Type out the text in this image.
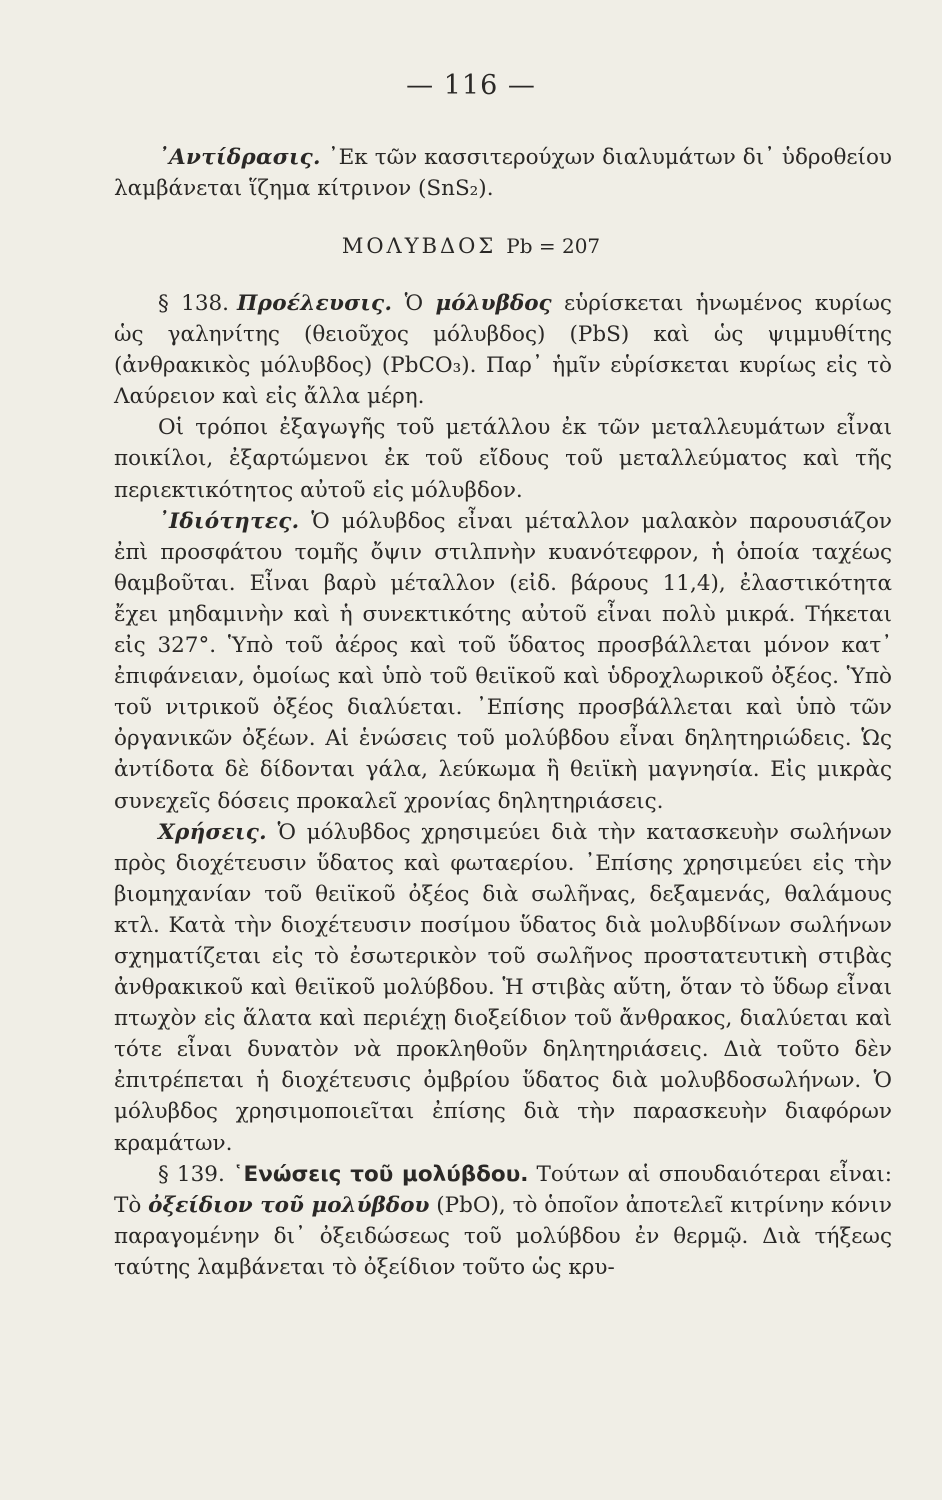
— 116 —

᾿Αντίδρασις. ᾿Εκ τῶν κασσιτερούχων διαλυμάτων δι᾿ ὑδροθείου λαμβάνεται ἵζημα κίτρινον (SnS₂).

ΜΟΛΥΒΔΟΣ Pb = 207

§ 138. Προέλευσις. Ὁ μόλυβδος εὑρίσκεται ἡνωμένος κυρίως ὡς γαληνίτης (θειοῦχος μόλυβδος) (PbS) καὶ ὡς ψιμμυθίτης (ἀνθρακικὸς μόλυβδος) (PbCO₃). Παρ᾿ ἡμῖν εὑρίσκεται κυρίως εἰς τὸ Λαύρειον καὶ εἰς ἄλλα μέρη.

Οἱ τρόποι ἐξαγωγῆς τοῦ μετάλλου ἐκ τῶν μεταλλευμάτων εἶναι ποικίλοι, ἐξαρτώμενοι ἐκ τοῦ εἴδους τοῦ μεταλλεύματος καὶ τῆς περιεκτικότητος αὐτοῦ εἰς μόλυβδον.

᾿Ιδιότητες. Ὁ μόλυβδος εἶναι μέταλλον μαλακὸν παρουσιάζον ἐπὶ προσφάτου τομῆς ὄψιν στιλπνὴν κυανότεφρον, ἡ ὁποία ταχέως θαμβοῦται. Εἶναι βαρὺ μέταλλον (εἰδ. βάρους 11,4), ἐλαστικότητα ἔχει μηδαμινὴν καὶ ἡ συνεκτικότης αὐτοῦ εἶναι πολὺ μικρά. Τήκεται εἰς 327°. Ὑπὸ τοῦ ἀέρος καὶ τοῦ ὕδατος προσβάλλεται μόνον κατ᾿ ἐπιφάνειαν, ὁμοίως καὶ ὑπὸ τοῦ θειϊκοῦ καὶ ὑδροχλωρικοῦ ὀξέος. Ὑπὸ τοῦ νιτρικοῦ ὀξέος διαλύεται. ᾿Επίσης προσβάλλεται καὶ ὑπὸ τῶν ὀργανικῶν ὀξέων. Αἱ ἑνώσεις τοῦ μολύβδου εἶναι δηλητηριώδεις. Ὡς ἀντίδοτα δὲ δίδονται γάλα, λεύκωμα ἢ θειϊκὴ μαγνησία. Εἰς μικρὰς συνεχεῖς δόσεις προκαλεῖ χρονίας δηλητηριάσεις.

Χρήσεις. Ὁ μόλυβδος χρησιμεύει διὰ τὴν κατασκευὴν σωλήνων πρὸς διοχέτευσιν ὕδατος καὶ φωταερίου. ᾿Επίσης χρησιμεύει εἰς τὴν βιομηχανίαν τοῦ θειϊκοῦ ὀξέος διὰ σωλῆνας, δεξαμενάς, θαλάμους κτλ. Κατὰ τὴν διοχέτευσιν ποσίμου ὕδατος διὰ μολυβδίνων σωλήνων σχηματίζεται εἰς τὸ ἐσωτερικὸν τοῦ σωλῆνος προστατευτικὴ στιβὰς ἀνθρακικοῦ καὶ θειϊκοῦ μολύβδου. Ἡ στιβὰς αὕτη, ὅταν τὸ ὕδωρ εἶναι πτωχὸν εἰς ἅλατα καὶ περιέχῃ διοξείδιον τοῦ ἄνθρακος, διαλύεται καὶ τότε εἶναι δυνατὸν νὰ προκληθοῦν δηλητηριάσεις. Διὰ τοῦτο δὲν ἐπιτρέπεται ἡ διοχέτευσις ὀμβρίου ὕδατος διὰ μολυβδοσωλήνων. Ὁ μόλυβδος χρησιμοποιεῖται ἐπίσης διὰ τὴν παρασκευὴν διαφόρων κραμάτων.

§ 139. ῾Ενώσεις τοῦ μολύβδου. Τούτων αἱ σπουδαιότεραι εἶναι: Τὸ ὀξείδιον τοῦ μολύβδου (PbO), τὸ ὁποῖον ἀποτελεῖ κιτρίνην κόνιν παραγομένην δι᾿ ὀξειδώσεως τοῦ μολύβδου ἐν θερμῷ. Διὰ τήξεως ταύτης λαμβάνεται τὸ ὀξείδιον τοῦτο ὡς κρυ-
